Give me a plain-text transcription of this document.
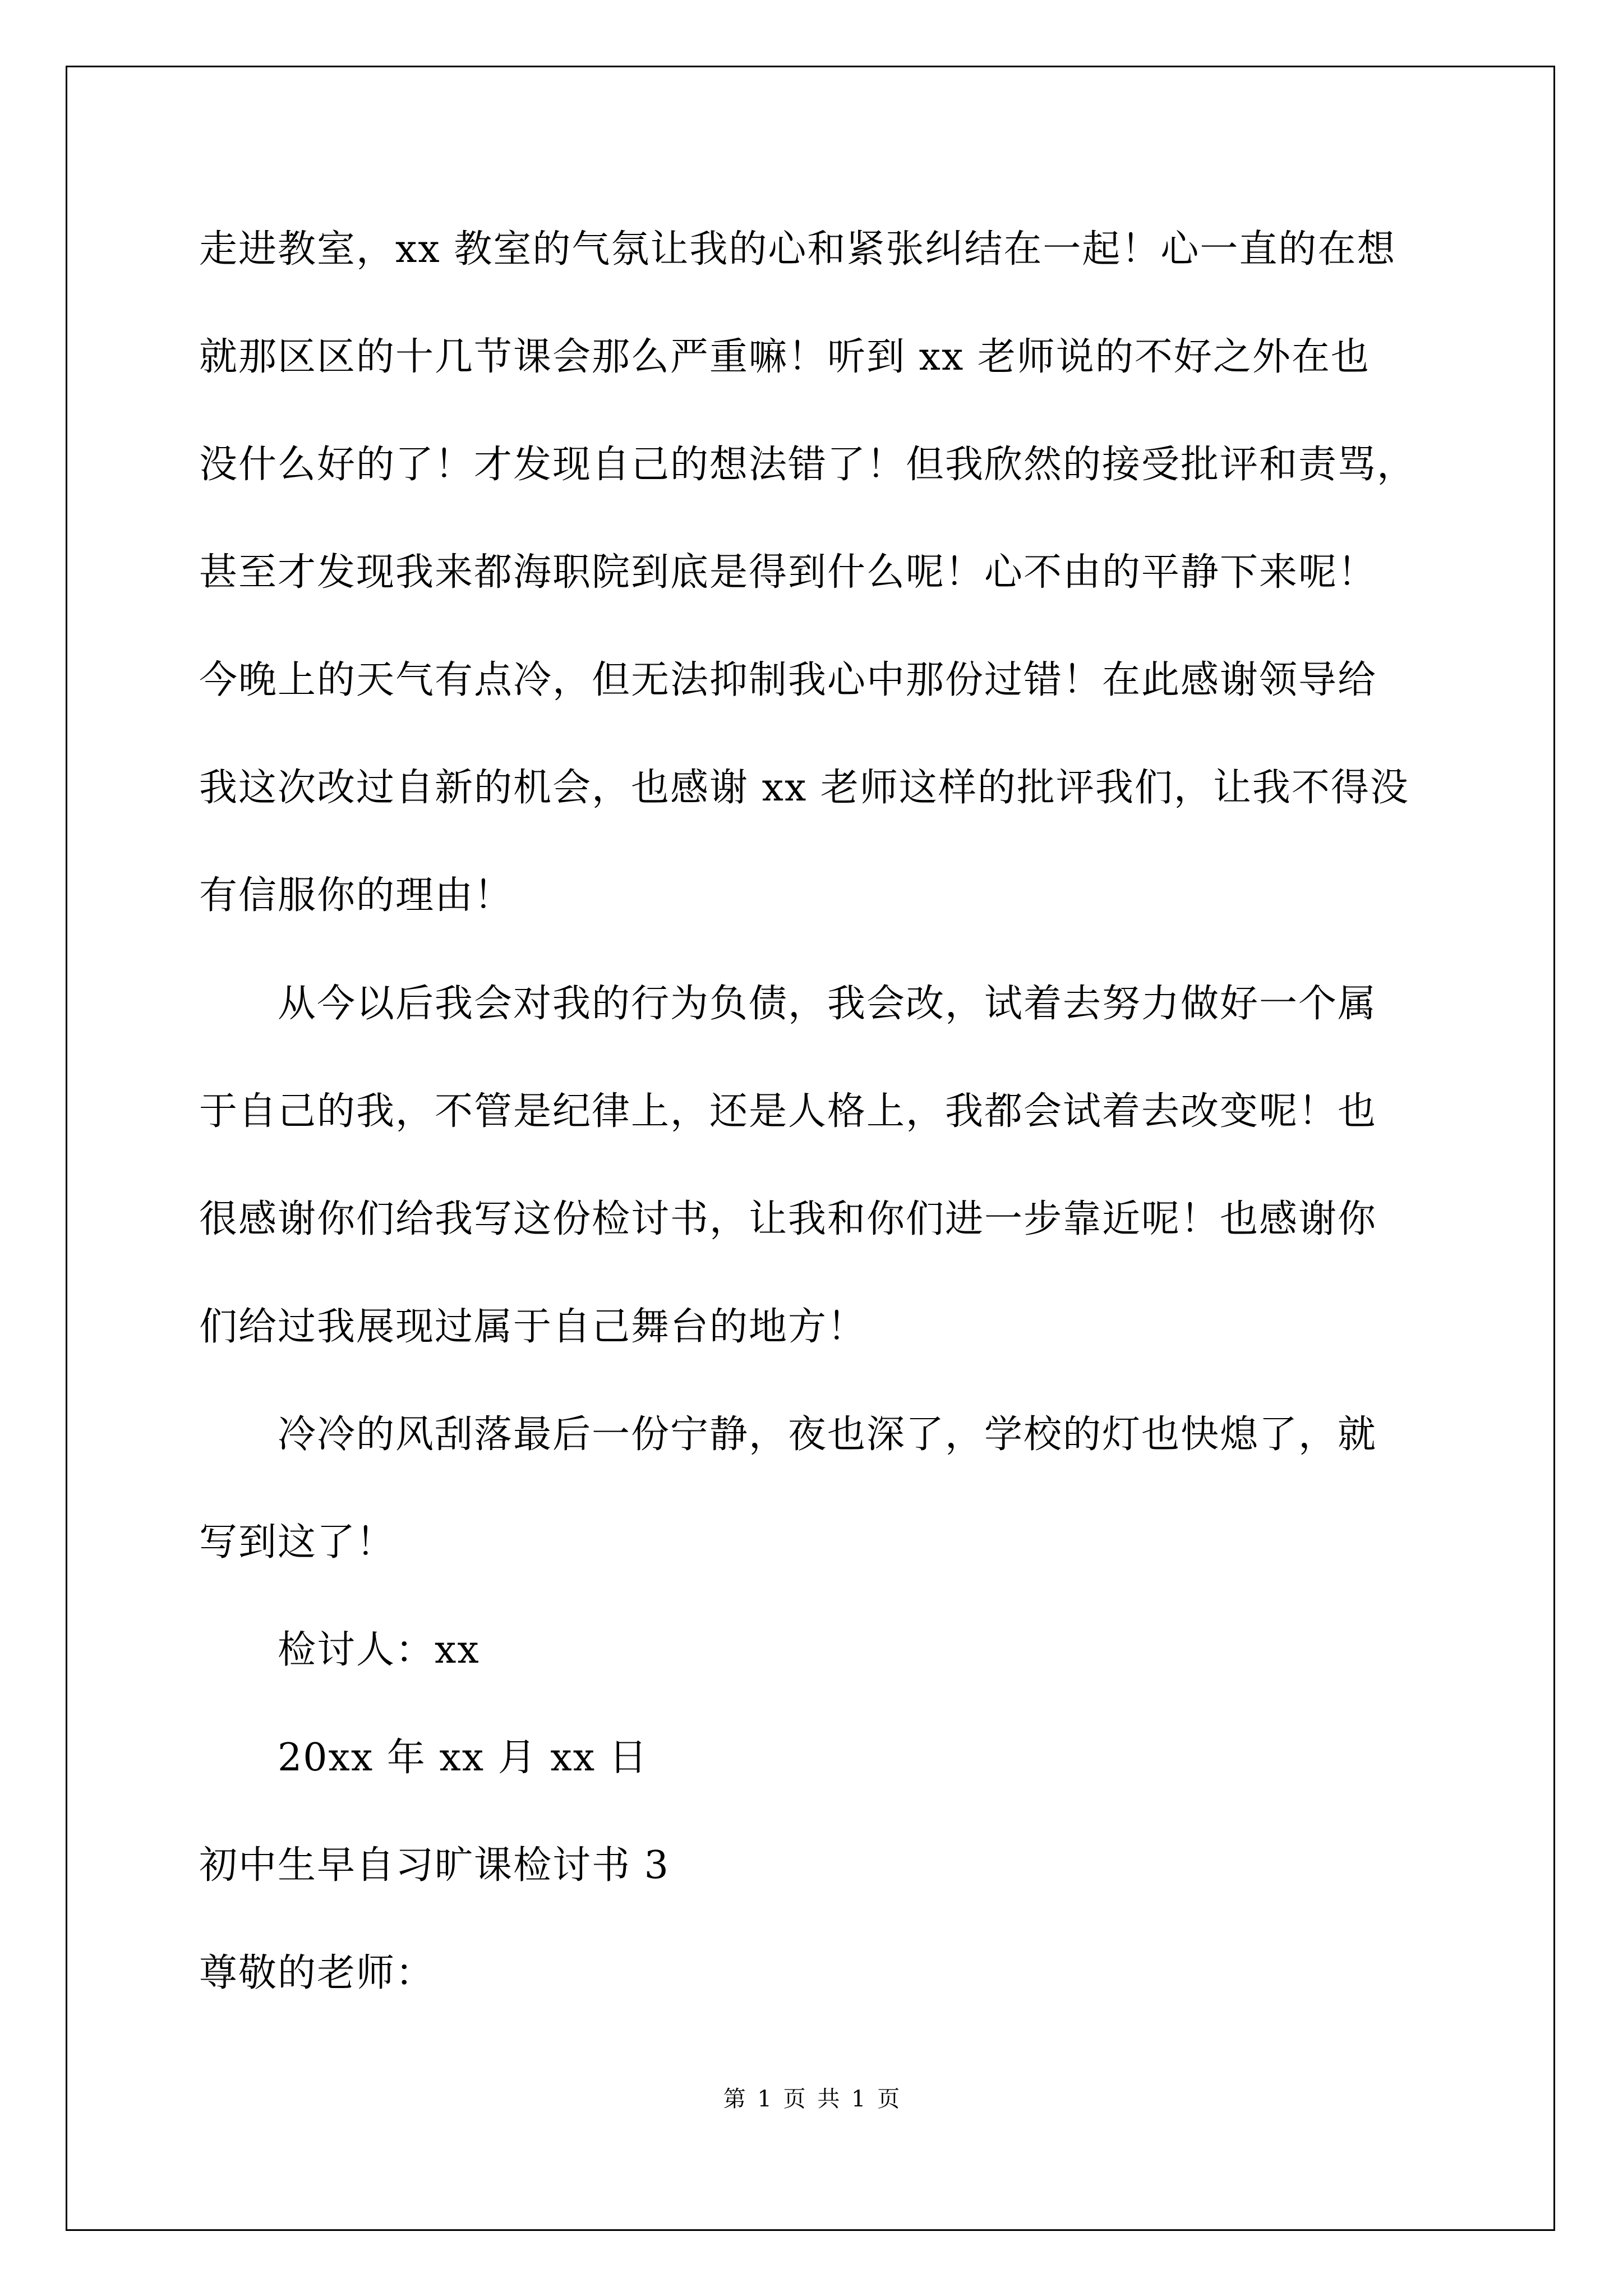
走进教室，xx 教室的气氛让我的心和紧张纠结在一起！心一直的在想
就那区区的十几节课会那么严重嘛！听到 xx 老师说的不好之外在也
没什么好的了！才发现自己的想法错了！但我欣然的接受批评和责骂，
甚至才发现我来都海职院到底是得到什么呢！心不由的平静下来呢！
今晚上的天气有点冷，但无法抑制我心中那份过错！在此感谢领导给
我这次改过自新的机会，也感谢 xx 老师这样的批评我们，让我不得没
有信服你的理由！
从今以后我会对我的行为负债，我会改，试着去努力做好一个属
于自己的我，不管是纪律上，还是人格上，我都会试着去改变呢！也
很感谢你们给我写这份检讨书，让我和你们进一步靠近呢！也感谢你
们给过我展现过属于自己舞台的地方！
冷冷的风刮落最后一份宁静，夜也深了，学校的灯也快熄了，就
写到这了！
检讨人：xx
20xx 年 xx 月 xx 日
初中生早自习旷课检讨书 3
尊敬的老师：
第 1 页 共 1 页
